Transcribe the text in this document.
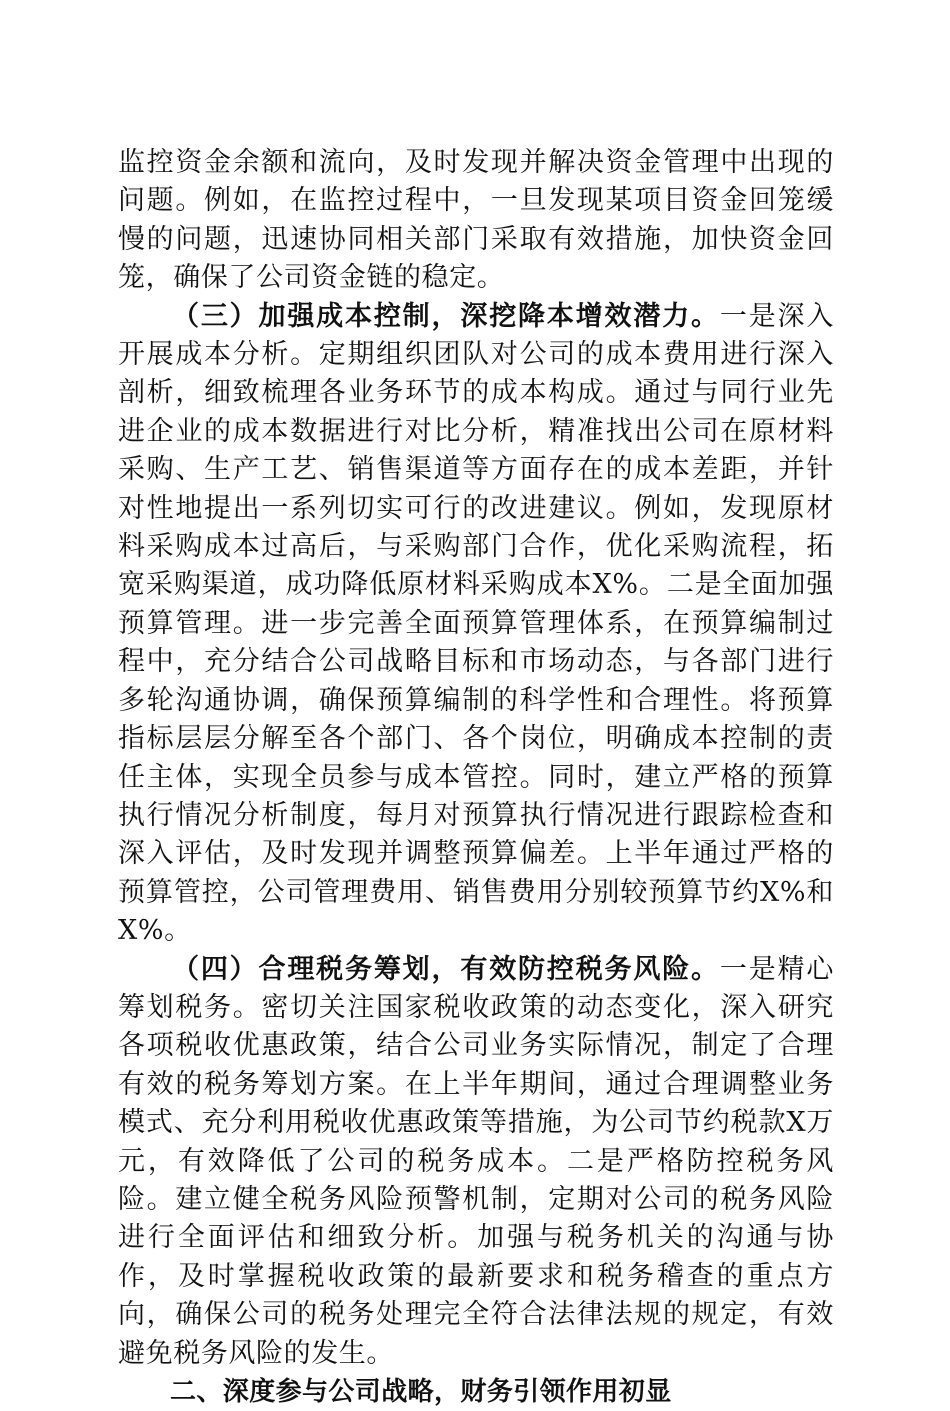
监控资金余额和流向，及时发现并解决资金管理中出现的问题。例如，在监控过程中，一旦发现某项目资金回笼缓慢的问题，迅速协同相关部门采取有效措施，加快资金回笼，确保了公司资金链的稳定。

（三）加强成本控制，深挖降本增效潜力。一是深入开展成本分析。定期组织团队对公司的成本费用进行深入剖析，细致梳理各业务环节的成本构成。通过与同行业先进企业的成本数据进行对比分析，精准找出公司在原材料采购、生产工艺、销售渠道等方面存在的成本差距，并针对性地提出一系列切实可行的改进建议。例如，发现原材料采购成本过高后，与采购部门合作，优化采购流程，拓宽采购渠道，成功降低原材料采购成本X%。二是全面加强预算管理。进一步完善全面预算管理体系，在预算编制过程中，充分结合公司战略目标和市场动态，与各部门进行多轮沟通协调，确保预算编制的科学性和合理性。将预算指标层层分解至各个部门、各个岗位，明确成本控制的责任主体，实现全员参与成本管控。同时，建立严格的预算执行情况分析制度，每月对预算执行情况进行跟踪检查和深入评估，及时发现并调整预算偏差。上半年通过严格的预算管控，公司管理费用、销售费用分别较预算节约X%和X%。

（四）合理税务筹划，有效防控税务风险。一是精心筹划税务。密切关注国家税收政策的动态变化，深入研究各项税收优惠政策，结合公司业务实际情况，制定了合理有效的税务筹划方案。在上半年期间，通过合理调整业务模式、充分利用税收优惠政策等措施，为公司节约税款X万元，有效降低了公司的税务成本。二是严格防控税务风险。建立健全税务风险预警机制，定期对公司的税务风险进行全面评估和细致分析。加强与税务机关的沟通与协作，及时掌握税收政策的最新要求和税务稽查的重点方向，确保公司的税务处理完全符合法律法规的规定，有效避免税务风险的发生。

二、深度参与公司战略，财务引领作用初显
